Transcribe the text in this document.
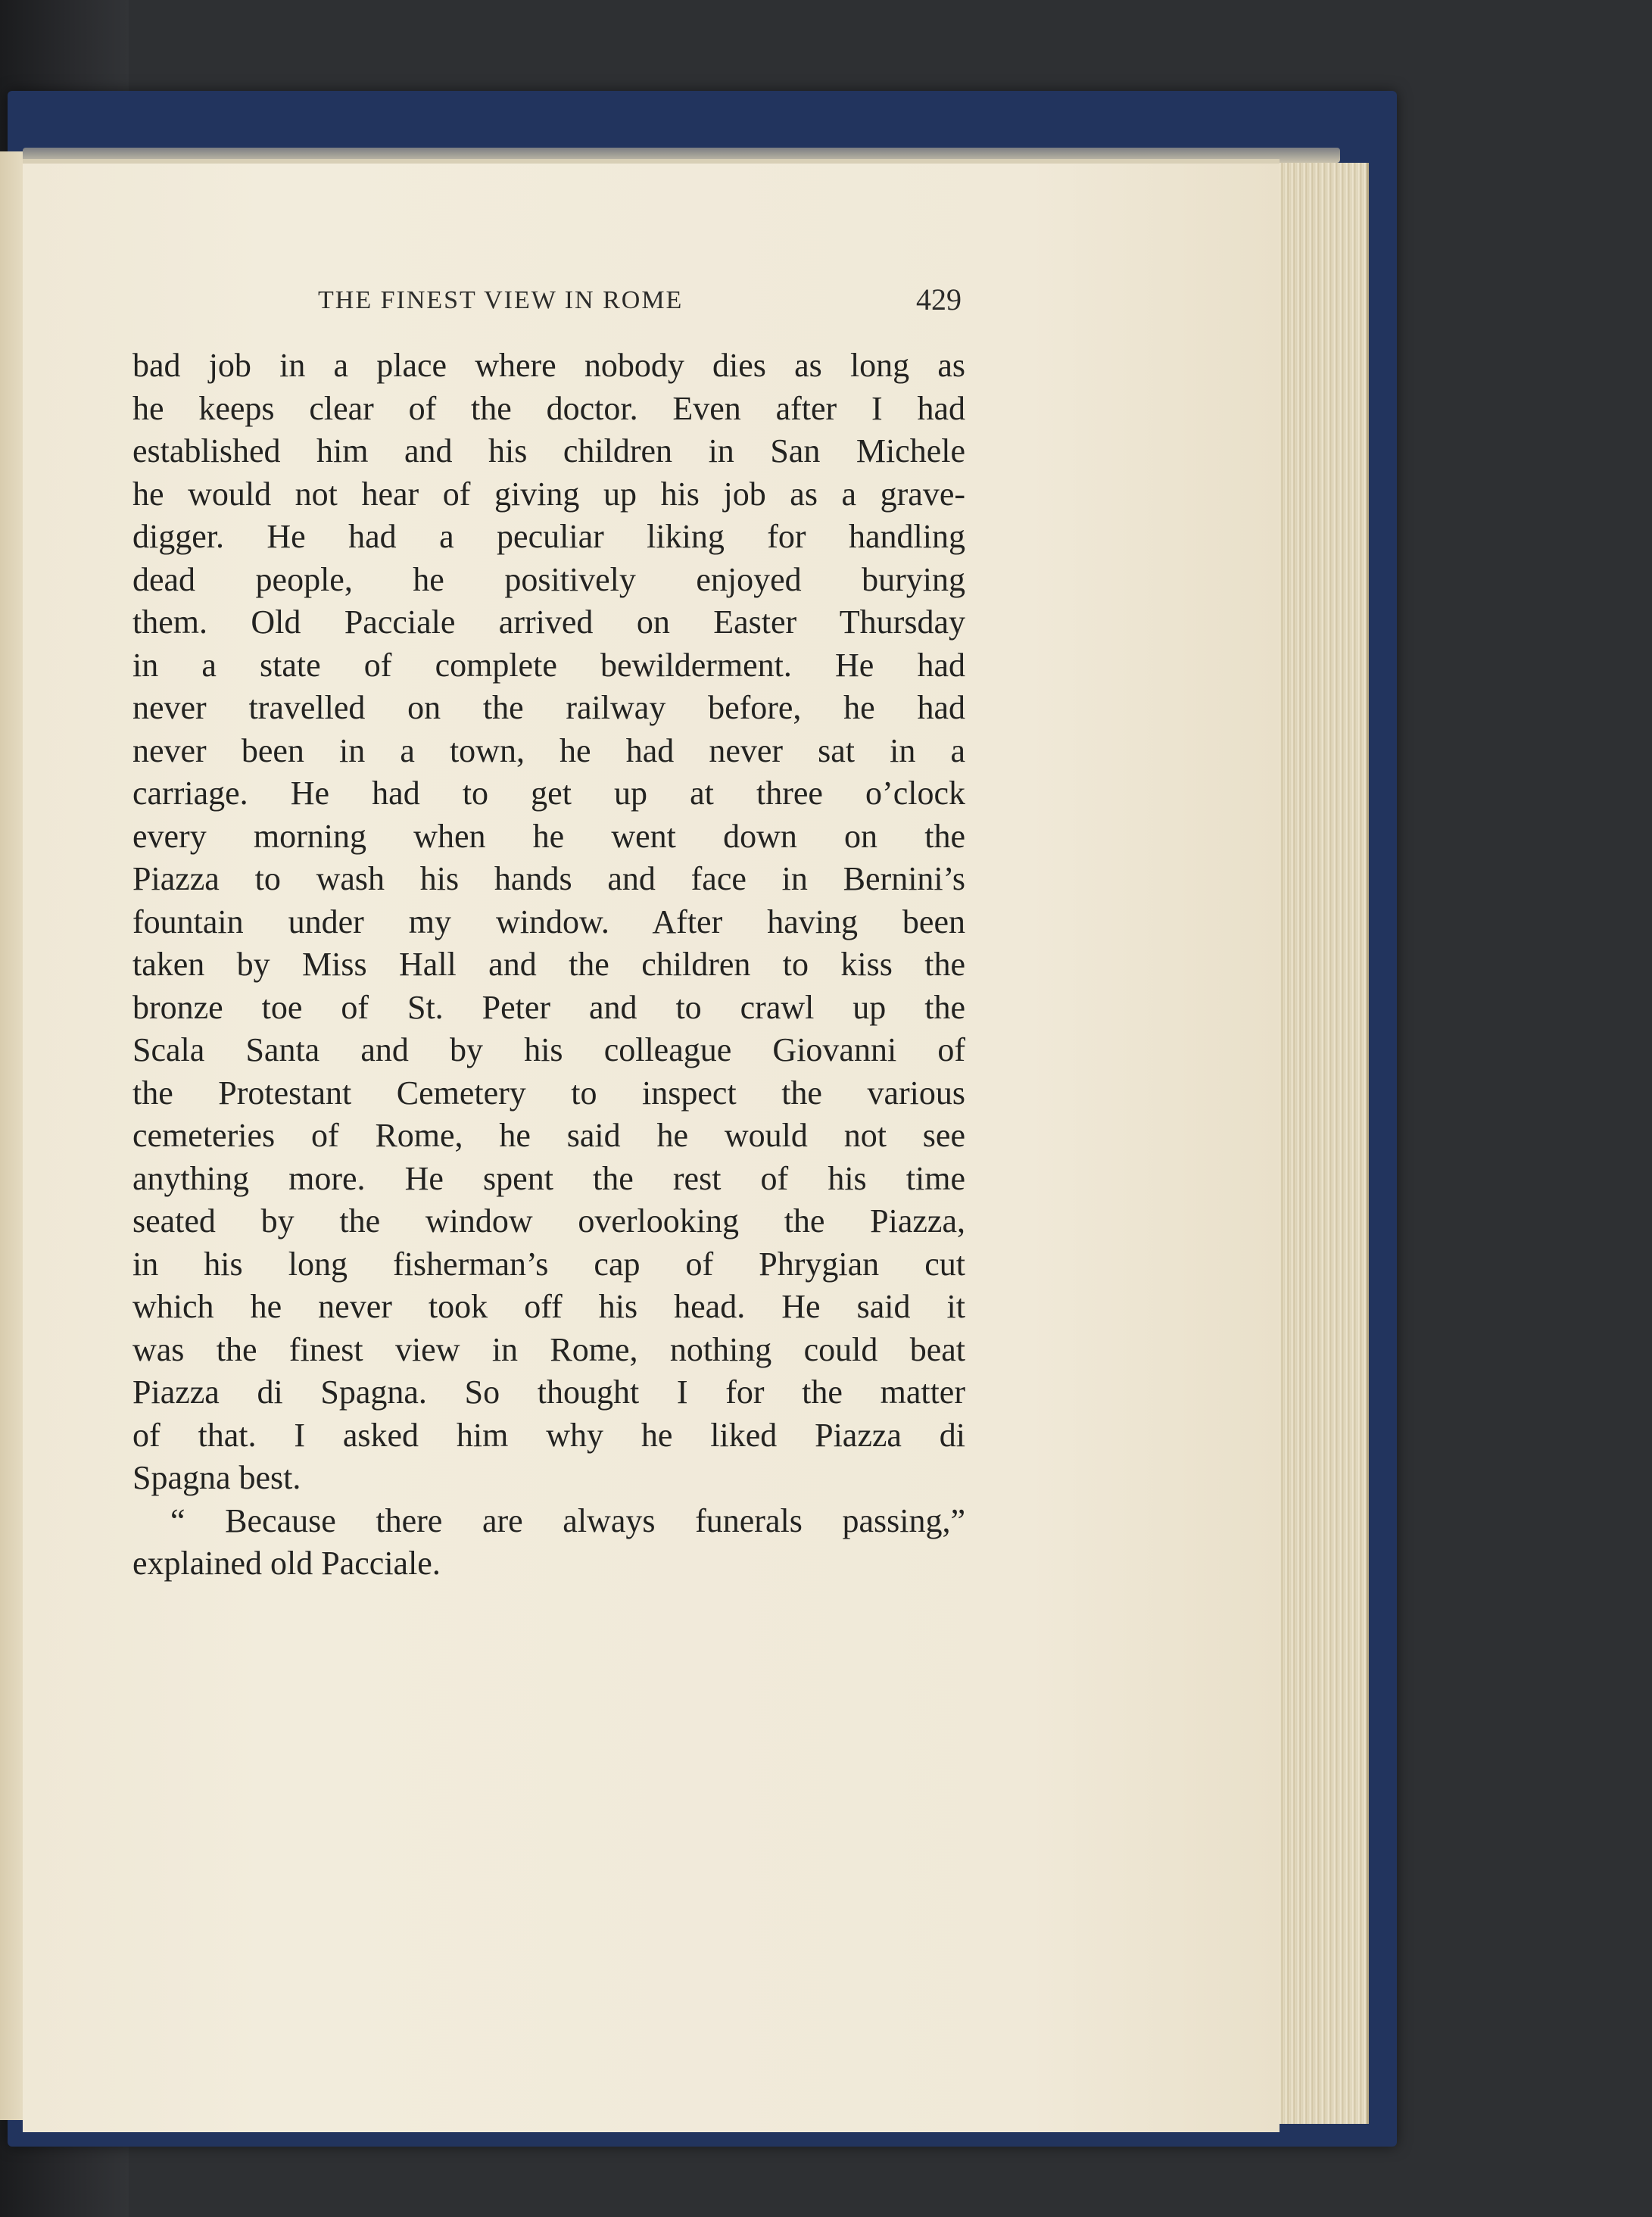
THE FINEST VIEW IN ROME	429
bad job in a place where nobody dies as long as
he keeps clear of the doctor. Even after I had
established him and his children in San Michele
he would not hear of giving up his job as a grave-
digger. He had a peculiar liking for handling
dead people, he positively enjoyed burying
them. Old Pacciale arrived on Easter Thursday
in a state of complete bewilderment. He had
never travelled on the railway before, he had
never been in a town, he had never sat in a
carriage. He had to get up at three o’clock
every morning when he went down on the
Piazza to wash his hands and face in Bernini’s
fountain under my window. After having been
taken by Miss Hall and the children to kiss the
bronze toe of St. Peter and to crawl up the
Scala Santa and by his colleague Giovanni of
the Protestant Cemetery to inspect the various
cemeteries of Rome, he said he would not see
anything more. He spent the rest of his time
seated by the window overlooking the Piazza,
in his long fisherman’s cap of Phrygian cut
which he never took off his head. He said it
was the finest view in Rome, nothing could beat
Piazza di Spagna. So thought I for the matter
of that. I asked him why he liked Piazza di
Spagna best.
“ Because there are always funerals passing,”
explained old Pacciale.
